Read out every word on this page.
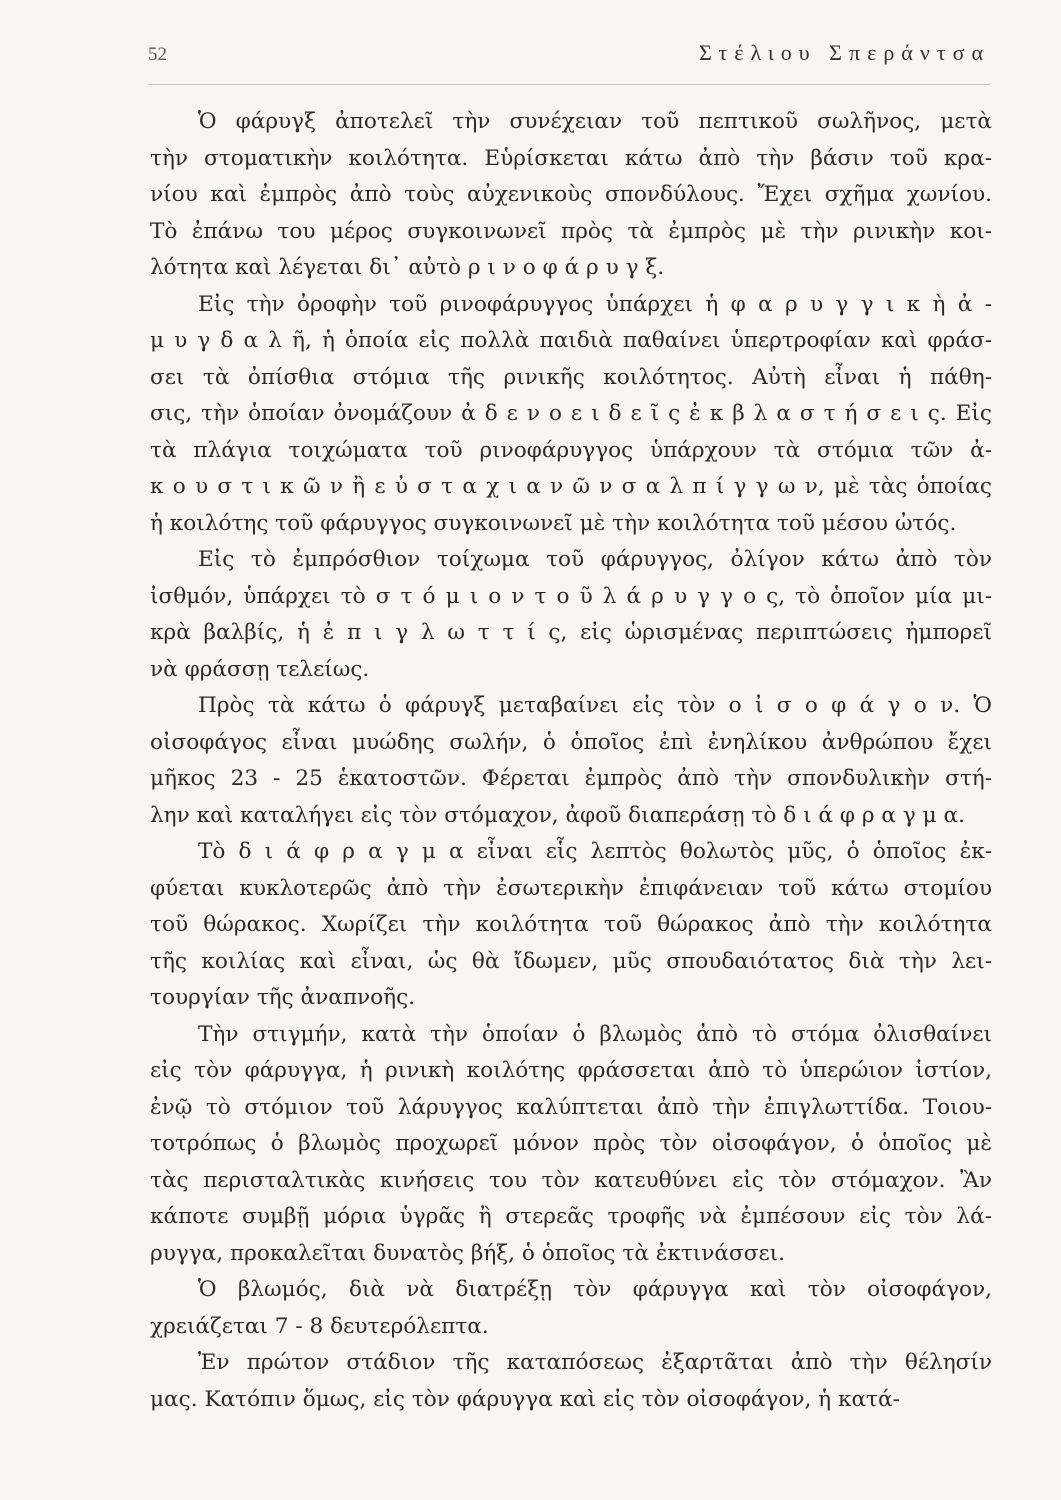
52	Στέλιου Σπεράντσα
Ὁ φάρυγξ ἀποτελεῖ τὴν συνέχειαν τοῦ πεπτικοῦ σωλῆνος, μετὰ
τὴν στοματικὴν κοιλότητα. Εὑρίσκεται κάτω ἀπὸ τὴν βάσιν τοῦ κρα-
νίου καὶ ἐμπρὸς ἀπὸ τοὺς αὐχενικοὺς σπονδύλους. Ἔχει σχῆμα χωνίου.
Τὸ ἐπάνω του μέρος συγκοινωνεῖ πρὸς τὰ ἐμπρὸς μὲ τὴν ρινικὴν κοι-
λότητα καὶ λέγεται δι᾽ αὐτὸ ρ ι ν ο φ ά ρ υ γ ξ.
Εἰς τὴν ὀροφὴν τοῦ ρινοφάρυγγος ὑπάρχει ἡ φ α ρ υ γ γ ι κ ὴ ἀ -
μ υ γ δ α λ ῆ, ἡ ὁποία εἰς πολλὰ παιδιὰ παθαίνει ὑπερτροφίαν καὶ φράσ-
σει τὰ ὀπίσθια στόμια τῆς ρινικῆς κοιλότητος. Αὐτὴ εἶναι ἡ πάθη-
σις, τὴν ὁποίαν ὀνομάζουν ἀ δ ε ν ο ε ι δ ε ῖ ς ἐ κ β λ α σ τ ή σ ε ι ς. Εἰς
τὰ πλάγια τοιχώματα τοῦ ρινοφάρυγγος ὑπάρχουν τὰ στόμια τῶν ἀ-
κ ο υ σ τ ι κ ῶ ν ἢ ε ὐ σ τ α χ ι α ν ῶ ν σ α λ π ί γ γ ω ν, μὲ τὰς ὁποίας
ἡ κοιλότης τοῦ φάρυγγος συγκοινωνεῖ μὲ τὴν κοιλότητα τοῦ μέσου ὠτός.
Εἰς τὸ ἐμπρόσθιον τοίχωμα τοῦ φάρυγγος, ὀλίγον κάτω ἀπὸ τὸν
ἰσθμόν, ὑπάρχει τὸ σ τ ό μ ι ο ν τ ο ῦ λ ά ρ υ γ γ ο ς, τὸ ὁποῖον μία μι-
κρὰ βαλβίς, ἡ ἐ π ι γ λ ω τ τ ί ς, εἰς ὡρισμένας περιπτώσεις ἠμπορεῖ
νὰ φράσσῃ τελείως.
Πρὸς τὰ κάτω ὁ φάρυγξ μεταβαίνει εἰς τὸν ο ἰ σ ο φ ά γ ο ν. Ὁ
οἰσοφάγος εἶναι μυώδης σωλήν, ὁ ὁποῖος ἐπὶ ἐνηλίκου ἀνθρώπου ἔχει
μῆκος 23 - 25 ἑκατοστῶν. Φέρεται ἐμπρὸς ἀπὸ τὴν σπονδυλικὴν στή-
λην καὶ καταλήγει εἰς τὸν στόμαχον, ἀφοῦ διαπεράσῃ τὸ δ ι ά φ ρ α γ μ α.
Τὸ δ ι ά φ ρ α γ μ α εἶναι εἷς λεπτὸς θολωτὸς μῦς, ὁ ὁποῖος ἐκ-
φύεται κυκλοτερῶς ἀπὸ τὴν ἐσωτερικὴν ἐπιφάνειαν τοῦ κάτω στομίου
τοῦ θώρακος. Χωρίζει τὴν κοιλότητα τοῦ θώρακος ἀπὸ τὴν κοιλότητα
τῆς κοιλίας καὶ εἶναι, ὡς θὰ ἴδωμεν, μῦς σπουδαιότατος διὰ τὴν λει-
τουργίαν τῆς ἀναπνοῆς.
Τὴν στιγμήν, κατὰ τὴν ὁποίαν ὁ βλωμὸς ἀπὸ τὸ στόμα ὀλισθαίνει
εἰς τὸν φάρυγγα, ἡ ρινικὴ κοιλότης φράσσεται ἀπὸ τὸ ὑπερώιον ἱστίον,
ἐνῷ τὸ στόμιον τοῦ λάρυγγος καλύπτεται ἀπὸ τὴν ἐπιγλωττίδα. Τοιου-
τοτρόπως ὁ βλωμὸς προχωρεῖ μόνον πρὸς τὸν οἰσοφάγον, ὁ ὁποῖος μὲ
τὰς περισταλτικὰς κινήσεις του τὸν κατευθύνει εἰς τὸν στόμαχον. Ἂν
κάποτε συμβῇ μόρια ὑγρᾶς ἢ στερεᾶς τροφῆς νὰ ἐμπέσουν εἰς τὸν λά-
ρυγγα, προκαλεῖται δυνατὸς βήξ, ὁ ὁποῖος τὰ ἐκτινάσσει.
Ὁ βλωμός, διὰ νὰ διατρέξῃ τὸν φάρυγγα καὶ τὸν οἰσοφάγον,
χρειάζεται 7 - 8 δευτερόλεπτα.
Ἐν πρώτον στάδιον τῆς καταπόσεως ἐξαρτᾶται ἀπὸ τὴν θέλησίν
μας. Κατόπιν ὅμως, εἰς τὸν φάρυγγα καὶ εἰς τὸν οἰσοφάγον, ἡ κατά-
